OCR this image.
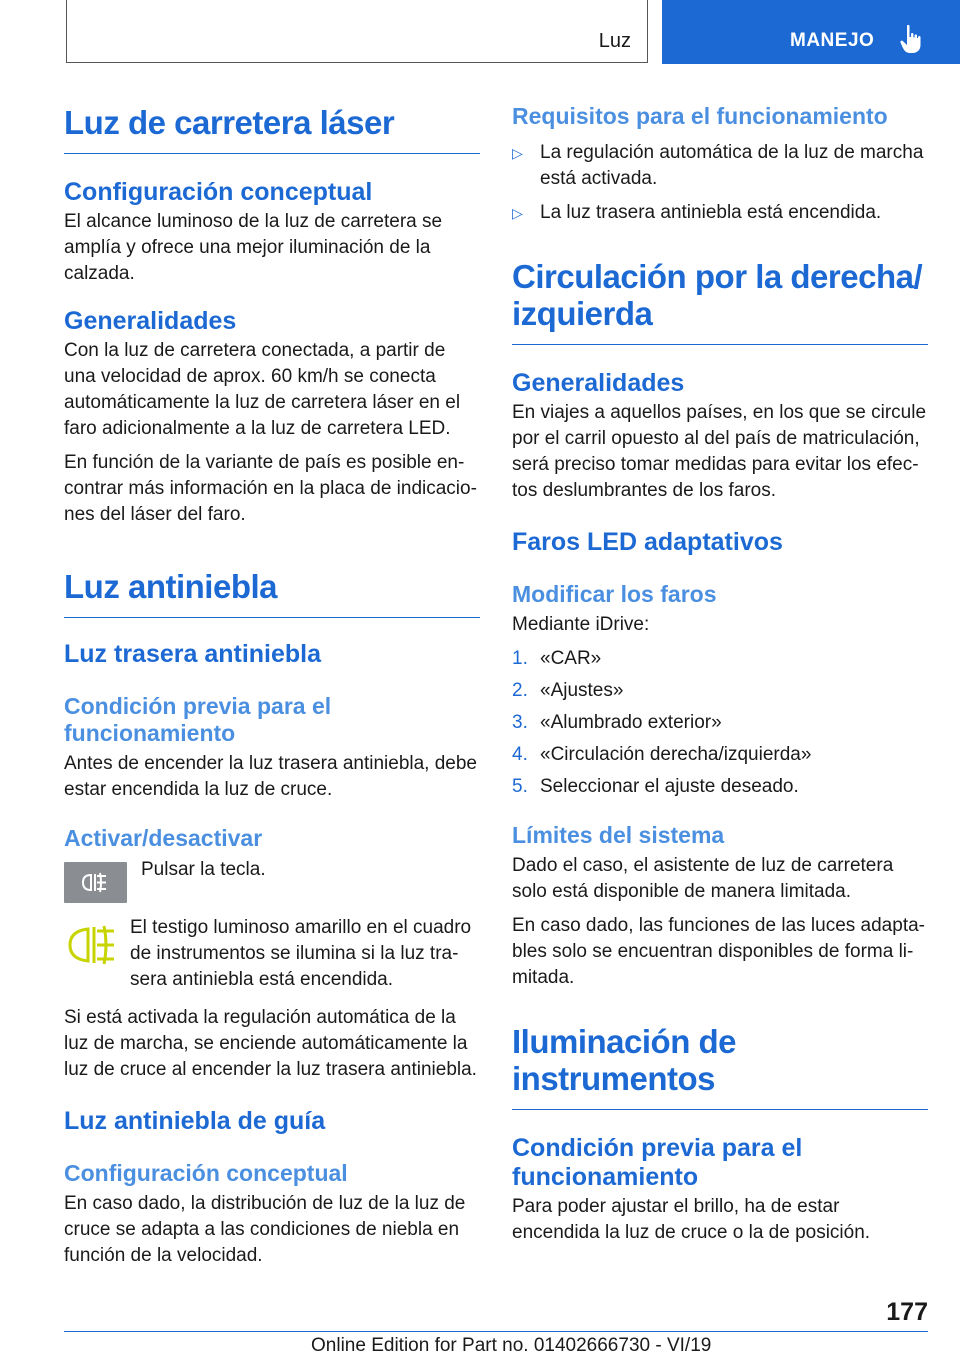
Luz	MANEJO
Luz de carretera láser
Configuración conceptual

El alcance luminoso de la luz de carretera se amplía y ofrece una mejor iluminación de la calzada.

Generalidades

Con la luz de carretera conectada, a partir de una velocidad de aprox. 60 km/h se conecta automáticamente la luz de carretera láser en el faro adicionalmente a la luz de carretera LED.

En función de la variante de país es posible encontrar más información en la placa de indicaciones del láser del faro.

Luz antiniebla
Luz trasera antiniebla
Condición previa para el funcionamiento

Antes de encender la luz trasera antiniebla, debe estar encendida la luz de cruce.

Activar/desactivar

Pulsar la tecla.

El testigo luminoso amarillo en el cuadro de instrumentos se ilumina si la luz trasera antiniebla está encendida.

Si está activada la regulación automática de la luz de marcha, se enciende automáticamente la luz de cruce al encender la luz trasera antiniebla.

Luz antiniebla de guía
Configuración conceptual

En caso dado, la distribución de luz de la luz de cruce se adapta a las condiciones de niebla en función de la velocidad.

Requisitos para el funcionamiento
▷ La regulación automática de la luz de marcha está activada.
▷ La luz trasera antiniebla está encendida.
Circulación por la derecha/ izquierda
Generalidades

En viajes a aquellos países, en los que se circule por el carril opuesto al del país de matriculación, será preciso tomar medidas para evitar los efectos deslumbrantes de los faros.

Faros LED adaptativos
Modificar los faros

Mediante iDrive:

1. «CAR»
2. «Ajustes»
3. «Alumbrado exterior»
4. «Circulación derecha/izquierda»
5. Seleccionar el ajuste deseado.
Límites del sistema

Dado el caso, el asistente de luz de carretera solo está disponible de manera limitada.

En caso dado, las funciones de las luces adaptables solo se encuentran disponibles de forma limitada.

Iluminación de instrumentos
Condición previa para el funcionamiento

Para poder ajustar el brillo, ha de estar encendida la luz de cruce o la de posición.

177
Online Edition for Part no. 01402666730 - VI/19
